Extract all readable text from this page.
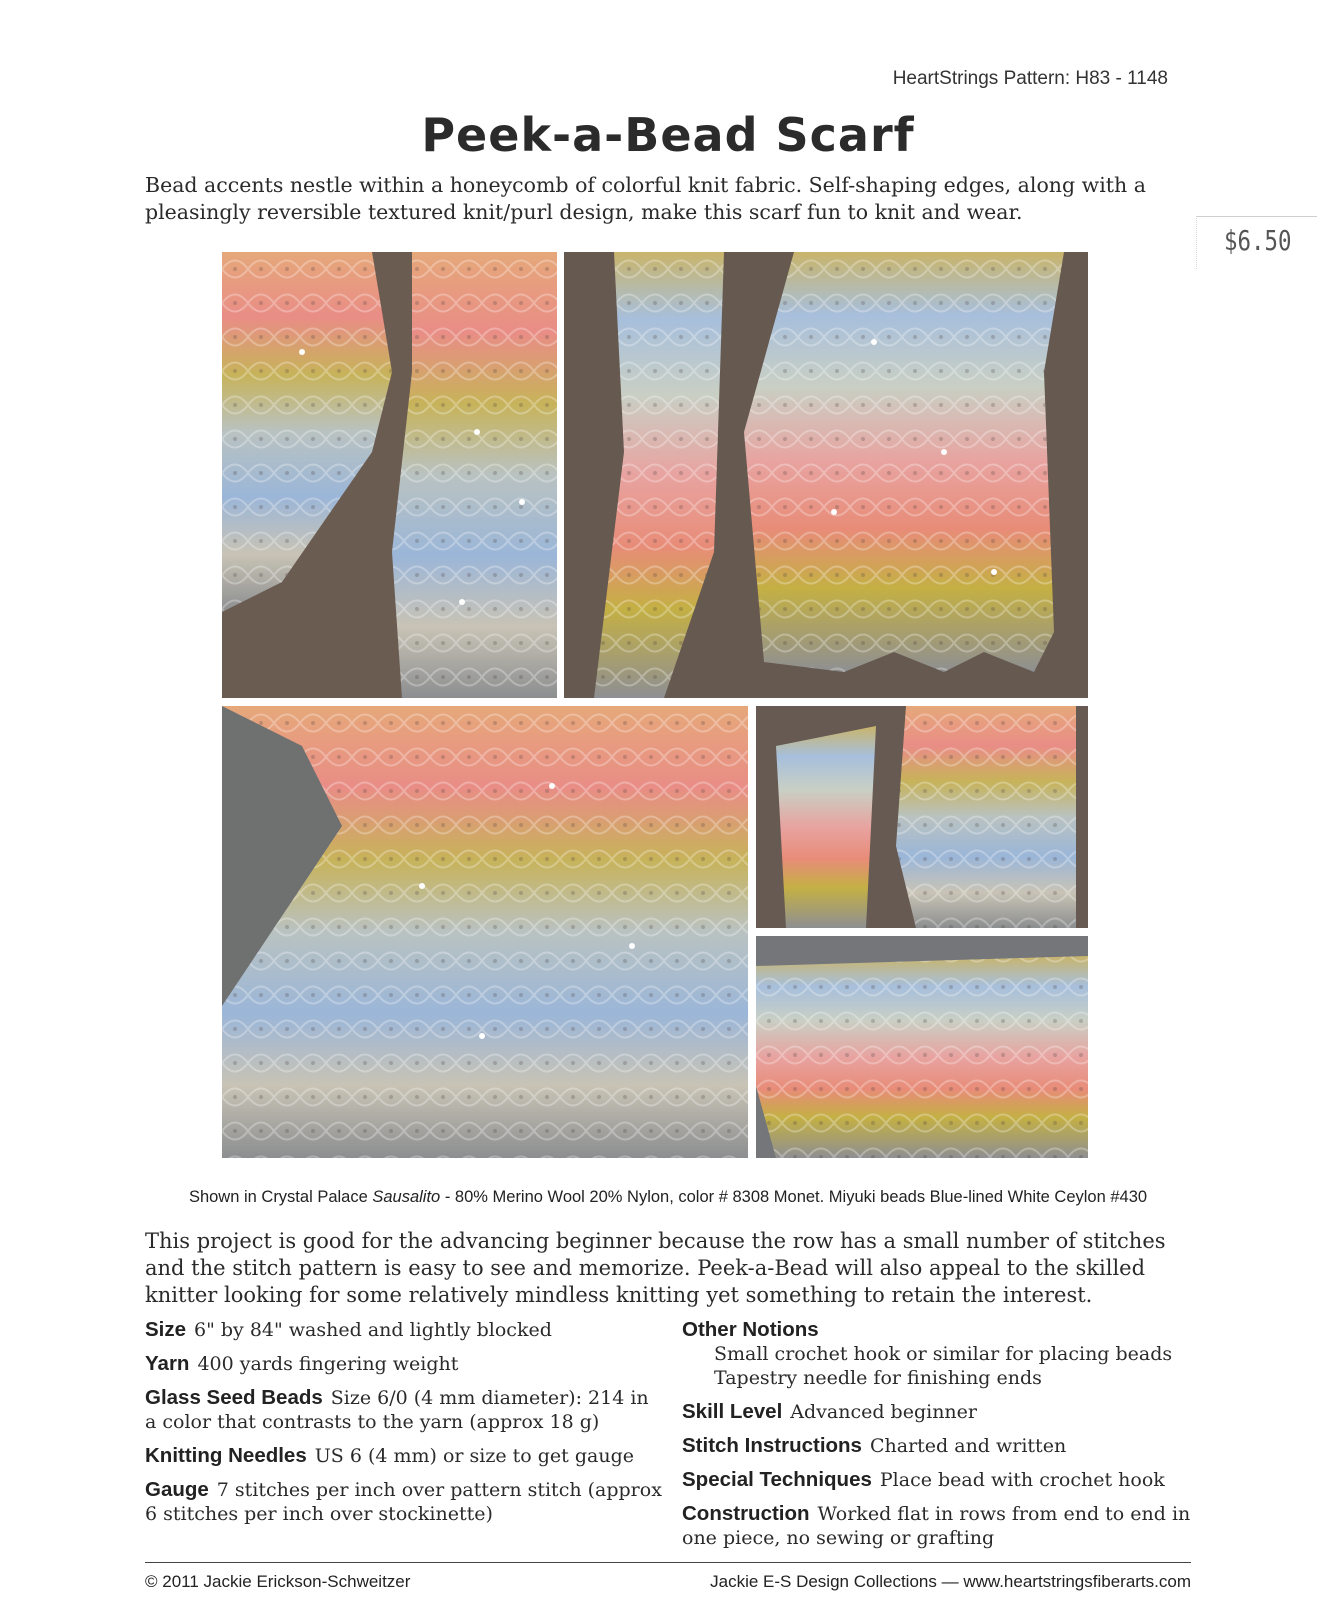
HeartStrings Pattern: H83 - 1148
Peek-a-Bead Scarf
Bead accents nestle within a honeycomb of colorful knit fabric. Self-shaping edges, along with a pleasingly reversible textured knit/purl design, make this scarf fun to knit and wear.
$6.50
Shown in Crystal Palace Sausalito - 80% Merino Wool 20% Nylon, color # 8308 Monet. Miyuki beads Blue-lined White Ceylon #430
This project is good for the advancing beginner because the row has a small number of stitches and the stitch pattern is easy to see and memorize. Peek-a-Bead will also appeal to the skilled knitter looking for some relatively mindless knitting yet something to retain the interest.
Size 6" by 84" washed and lightly blocked
Yarn 400 yards fingering weight
Glass Seed Beads Size 6/0 (4 mm diameter): 214 in a color that contrasts to the yarn (approx 18 g)
Knitting Needles US 6 (4 mm) or size to get gauge
Gauge 7 stitches per inch over pattern stitch (approx 6 stitches per inch over stockinette)
Other Notions
Small crochet hook or similar for placing beads
Tapestry needle for finishing ends
Skill Level Advanced beginner
Stitch Instructions Charted and written
Special Techniques Place bead with crochet hook
Construction Worked flat in rows from end to end in one piece, no sewing or grafting
© 2011 Jackie Erickson-Schweitzer	Jackie E-S Design Collections — www.heartstringsfiberarts.com
